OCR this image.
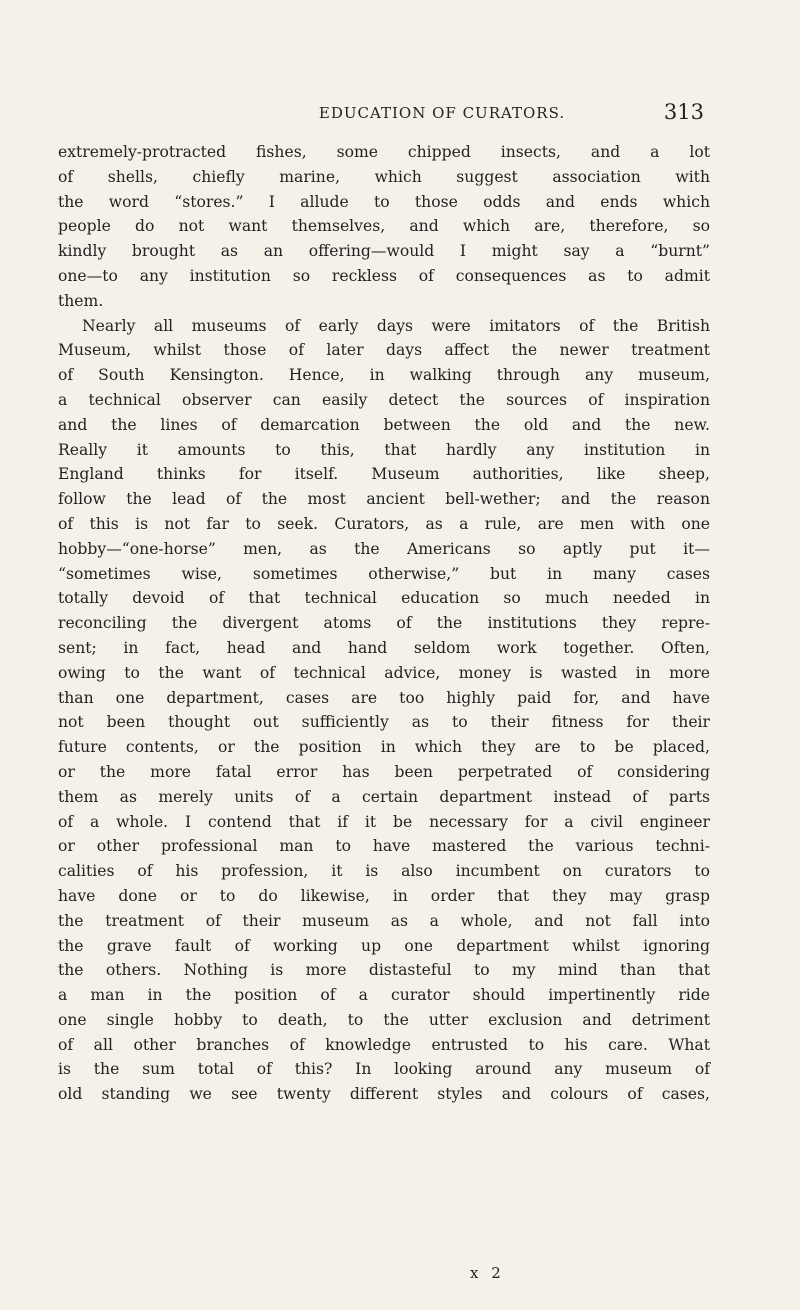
EDUCATION OF CURATORS.	313
extremely-protracted fishes, some chipped insects, and a lot
of shells, chiefly marine, which suggest association with
the word “stores.” I allude to those odds and ends which
people do not want themselves, and which are, therefore, so
kindly brought as an offering—would I might say a “burnt”
one—to any institution so reckless of consequences as to admit
them.
Nearly all museums of early days were imitators of the British
Museum, whilst those of later days affect the newer treatment
of South Kensington. Hence, in walking through any museum,
a technical observer can easily detect the sources of inspiration
and the lines of demarcation between the old and the new.
Really it amounts to this, that hardly any institution in
England thinks for itself. Museum authorities, like sheep,
follow the lead of the most ancient bell-wether; and the reason
of this is not far to seek. Curators, as a rule, are men with one
hobby—“one-horse” men, as the Americans so aptly put it—
“sometimes wise, sometimes otherwise,” but in many cases
totally devoid of that technical education so much needed in
reconciling the divergent atoms of the institutions they repre-
sent; in fact, head and hand seldom work together. Often,
owing to the want of technical advice, money is wasted in more
than one department, cases are too highly paid for, and have
not been thought out sufficiently as to their fitness for their
future contents, or the position in which they are to be placed,
or the more fatal error has been perpetrated of considering
them as merely units of a certain department instead of parts
of a whole. I contend that if it be necessary for a civil engineer
or other professional man to have mastered the various techni-
calities of his profession, it is also incumbent on curators to
have done or to do likewise, in order that they may grasp
the treatment of their museum as a whole, and not fall into
the grave fault of working up one department whilst ignoring
the others. Nothing is more distasteful to my mind than that
a man in the position of a curator should impertinently ride
one single hobby to death, to the utter exclusion and detriment
of all other branches of knowledge entrusted to his care. What
is the sum total of this? In looking around any museum of
old standing we see twenty different styles and colours of cases,
x 2
